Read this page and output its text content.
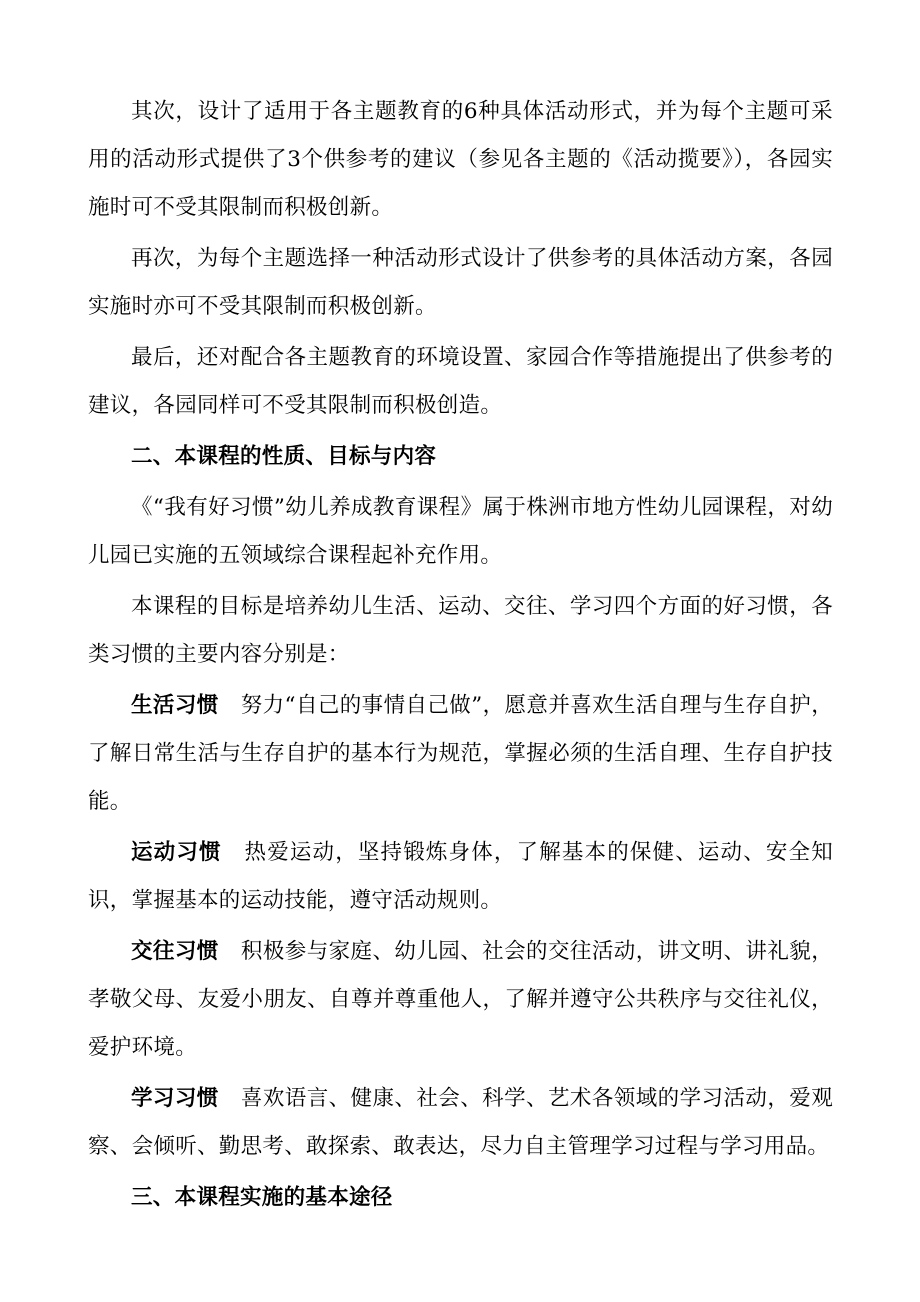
其次，设计了适用于各主题教育的6种具体活动形式，并为每个主题可采用的活动形式提供了3个供参考的建议（参见各主题的《活动揽要》），各园实施时可不受其限制而积极创新。

再次，为每个主题选择一种活动形式设计了供参考的具体活动方案，各园实施时亦可不受其限制而积极创新。

最后，还对配合各主题教育的环境设置、家园合作等措施提出了供参考的建议，各园同样可不受其限制而积极创造。

二、本课程的性质、目标与内容

《“我有好习惯”幼儿养成教育课程》属于株洲市地方性幼儿园课程，对幼儿园已实施的五领域综合课程起补充作用。

本课程的目标是培养幼儿生活、运动、交往、学习四个方面的好习惯，各类习惯的主要内容分别是：

生活习惯 努力“自己的事情自己做”，愿意并喜欢生活自理与生存自护，了解日常生活与生存自护的基本行为规范，掌握必须的生活自理、生存自护技能。

运动习惯 热爱运动，坚持锻炼身体，了解基本的保健、运动、安全知识，掌握基本的运动技能，遵守活动规则。

交往习惯 积极参与家庭、幼儿园、社会的交往活动，讲文明、讲礼貌，孝敬父母、友爱小朋友、自尊并尊重他人，了解并遵守公共秩序与交往礼仪，爱护环境。

学习习惯 喜欢语言、健康、社会、科学、艺术各领域的学习活动，爱观察、会倾听、勤思考、敢探索、敢表达，尽力自主管理学习过程与学习用品。

三、本课程实施的基本途径
